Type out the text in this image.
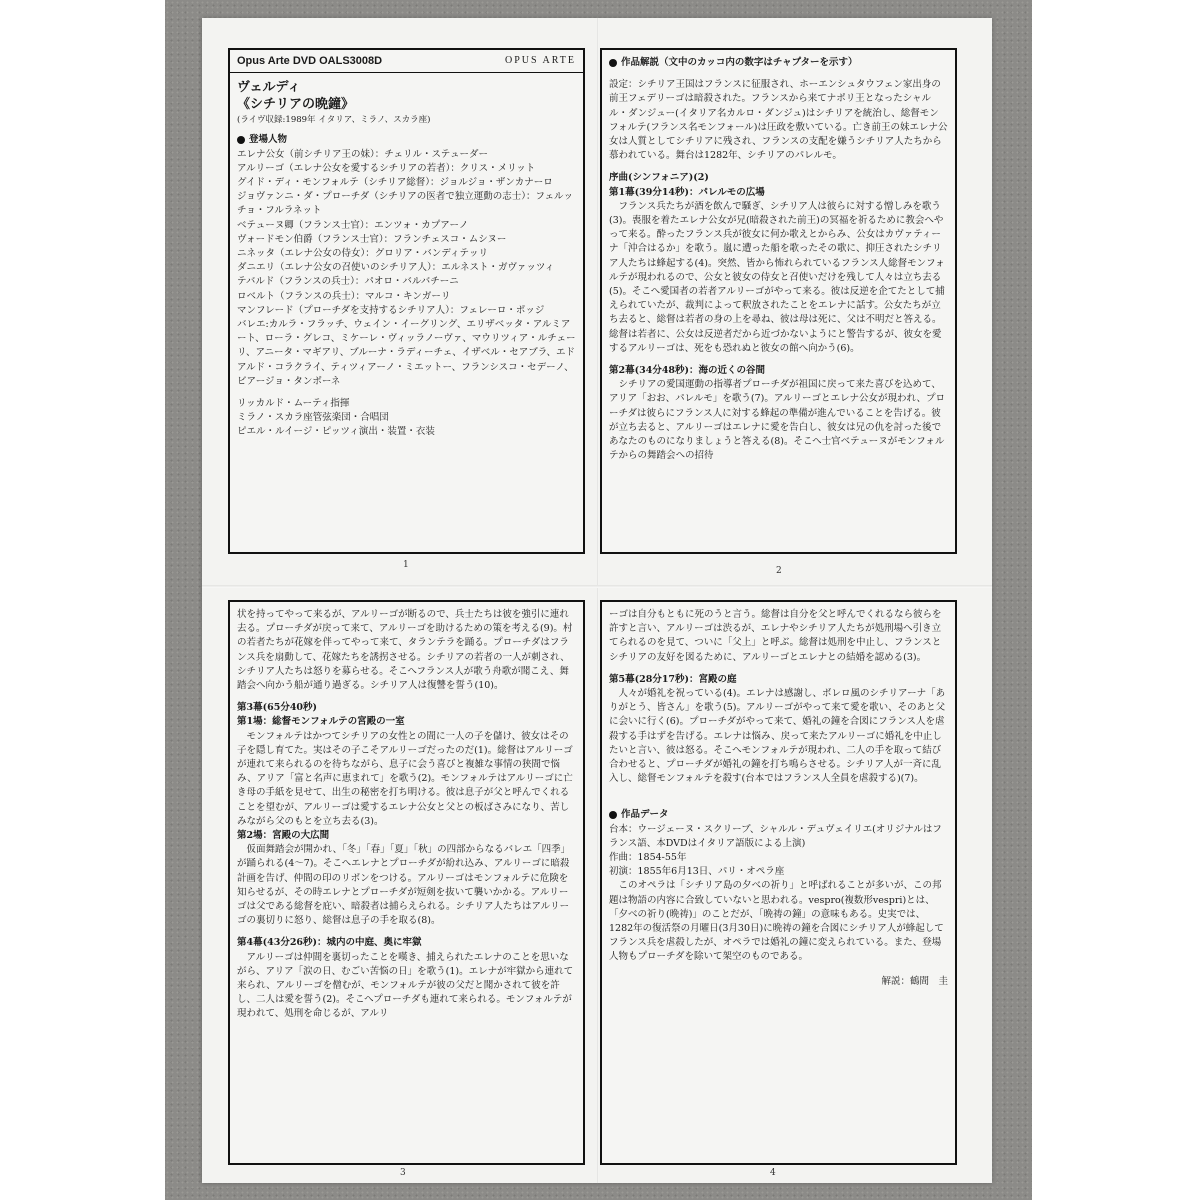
Opus Arte DVD OALS3008D	OPUS ARTE
ヴェルディ
《シチリアの晩鐘》
(ライヴ収録:1989年 イタリア、ミラノ、スカラ座)
登場人物

エレナ公女（前シチリア王の妹）：チェリル・ステューダー

アルリーゴ（エレナ公女を愛するシチリアの若者）：クリス・メリット

グイド・ディ・モンフォルテ（シチリア総督）：ジョルジョ・ザンカナーロ

ジョヴァンニ・ダ・プローチダ（シチリアの医者で独立運動の志士）：フェルッチョ・フルラネット

ベテューヌ卿（フランス士官）：エンツォ・カプアーノ

ヴォードモン伯爵（フランス士官）：フランチェスコ・ムシヌー

ニネッタ（エレナ公女の侍女）：グロリア・バンディテッリ

ダニエリ（エレナ公女の召使いのシチリア人）：エルネスト・ガヴァッツィ

テバルド（フランスの兵士）：パオロ・バルバチーニ

ロベルト（フランスの兵士）：マルコ・キンガーリ

マンフレード（プローチダを支持するシチリア人）：フェレーロ・ポッジ

バレエ:カルラ・フラッチ、ウェイン・イーグリング、エリザベッタ・アルミアート、ローラ・グレコ、ミケーレ・ヴィッラノーヴァ、マウリツィア・ルチェーリ、アニータ・マギアリ、ブルーナ・ラディーチェ、イザベル・セアブラ、エドアルド・コラクライ、ティツィアーノ・ミエットー、フランシスコ・セデーノ、ビアージョ・タンボーネ

リッカルド・ムーティ指揮

ミラノ・スカラ座管弦楽団・合唱団

ピエル・ルイージ・ピッツィ演出・装置・衣装

1
作品解説（文中のカッコ内の数字はチャプターを示す）

設定：シチリア王国はフランスに征服され、ホーエンシュタウフェン家出身の前王フェデリーゴは暗殺された。フランスから来てナポリ王となったシャルル・ダンジュー(イタリア名カルロ・ダンジュ)はシチリアを統治し、総督モンフォルテ(フランス名モンフォール)は圧政を敷いている。亡き前王の妹エレナ公女は人質としてシチリアに残され、フランスの支配を嫌うシチリア人たちから慕われている。舞台は1282年、シチリアのパレルモ。

序曲(シンフォニア)(2)

第1幕(39分14秒)：パレルモの広場

フランス兵たちが酒を飲んで騒ぎ、シチリア人は彼らに対する憎しみを歌う(3)。喪服を着たエレナ公女が兄(暗殺された前王)の冥福を祈るために教会へやって来る。酔ったフランス兵が彼女に何か歌えとからみ、公女はカヴァティーナ「沖合はるか」を歌う。嵐に遭った船を歌ったその歌に、抑圧されたシチリア人たちは蜂起する(4)。突然、皆から怖れられているフランス人総督モンフォルテが現われるので、公女と彼女の侍女と召使いだけを残して人々は立ち去る(5)。そこへ愛国者の若者アルリーゴがやって来る。彼は反逆を企てたとして捕えられていたが、裁判によって釈放されたことをエレナに話す。公女たちが立ち去ると、総督は若者の身の上を尋ね、彼は母は死に、父は不明だと答える。総督は若者に、公女は反逆者だから近づかないようにと警告するが、彼女を愛するアルリーゴは、死をも恐れぬと彼女の館へ向かう(6)。

第2幕(34分48秒)：海の近くの谷間

シチリアの愛国運動の指導者プローチダが祖国に戻って来た喜びを込めて、アリア「おお、パレルモ」を歌う(7)。アルリーゴとエレナ公女が現われ、プローチダは彼らにフランス人に対する蜂起の準備が進んでいることを告げる。彼が立ち去ると、アルリーゴはエレナに愛を告白し、彼女は兄の仇を討った後であなたのものになりましょうと答える(8)。そこへ士官ベテューヌがモンフォルテからの舞踏会への招待

2

状を持ってやって来るが、アルリーゴが断るので、兵士たちは彼を強引に連れ去る。プローチダが戻って来て、アルリーゴを助けるための策を考える(9)。村の若者たちが花嫁を伴ってやって来て、タランテラを踊る。プローチダはフランス兵を扇動して、花嫁たちを誘拐させる。シチリアの若者の一人が刺され、シチリア人たちは怒りを募らせる。そこへフランス人が歌う舟歌が聞こえ、舞踏会へ向かう船が通り過ぎる。シチリア人は復讐を誓う(10)。

第3幕(65分40秒)

第1場：総督モンフォルテの宮殿の一室

モンフォルテはかつてシチリアの女性との間に一人の子を儲け、彼女はその子を隠し育てた。実はその子こそアルリーゴだったのだ(1)。総督はアルリーゴが連れて来られるのを待ちながら、息子に会う喜びと複雑な事情の狭間で悩み、アリア「富と名声に恵まれて」を歌う(2)。モンフォルテはアルリーゴに亡き母の手紙を見せて、出生の秘密を打ち明ける。彼は息子が父と呼んでくれることを望むが、アルリーゴは愛するエレナ公女と父との板ばさみになり、苦しみながら父のもとを立ち去る(3)。

第2場：宮殿の大広間

仮面舞踏会が開かれ、「冬」「春」「夏」「秋」の四部からなるバレエ「四季」が踊られる(4～7)。そこへエレナとプローチダが紛れ込み、アルリーゴに暗殺計画を告げ、仲間の印のリボンをつける。アルリーゴはモンフォルテに危険を知らせるが、その時エレナとプローチダが短剣を抜いて襲いかかる。アルリーゴは父である総督を庇い、暗殺者は捕らえられる。シチリア人たちはアルリーゴの裏切りに怒り、総督は息子の手を取る(8)。

第4幕(43分26秒)：城内の中庭、奥に牢獄

アルリーゴは仲間を裏切ったことを嘆き、捕えられたエレナのことを思いながら、アリア「涙の日、むごい苦悩の日」を歌う(1)。エレナが牢獄から連れて来られ、アルリーゴを僧むが、モンフォルテが彼の父だと聞かされて彼を許し、二人は愛を誓う(2)。そこへプローチダも連れて来られる。モンフォルテが現われて、処刑を命じるが、アルリ

3

ーゴは自分もともに死のうと言う。総督は自分を父と呼んでくれるなら彼らを許すと言い、アルリーゴは渋るが、エレナやシチリア人たちが処刑場へ引き立てられるのを見て、ついに「父上」と呼ぶ。総督は処刑を中止し、フランスとシチリアの友好を図るために、アルリーゴとエレナとの結婚を認める(3)。

第5幕(28分17秒)：宮殿の庭

人々が婚礼を祝っている(4)。エレナは感謝し、ボレロ風のシチリアーナ「ありがとう、皆さん」を歌う(5)。アルリーゴがやって来て愛を歌い、そのあと父に会いに行く(6)。プローチダがやって来て、婚礼の鐘を合図にフランス人を虐殺する手はずを告げる。エレナは悩み、戻って来たアルリーゴに婚礼を中止したいと言い、彼は怒る。そこへモンフォルテが現われ、二人の手を取って結び合わせると、プローチダが婚礼の鐘を打ち鳴らさせる。シチリア人が一斉に乱入し、総督モンフォルテを殺す(台本ではフランス人全員を虐殺する)(7)。

作品データ

台本：ウージェーヌ・スクリーブ、シャルル・デュヴェイリエ(オリジナルはフランス語、本DVDはイタリア語版による上演)

作曲：1854-55年

初演：1855年6月13日、パリ・オペラ座

このオペラは「シチリア島の夕べの祈り」と呼ばれることが多いが、この邦題は物語の内容に合致していないと思われる。vespro(複数形vespri)とは、「夕べの祈り(晩祷)」のことだが、「晩祷の鐘」の意味もある。史実では、1282年の復活祭の月曜日(3月30日)に晩祷の鐘を合図にシチリア人が蜂起してフランス兵を虐殺したが、オペラでは婚礼の鐘に変えられている。また、登場人物もプローチダを除いて架空のものである。

解説：鶴間　圭

4
